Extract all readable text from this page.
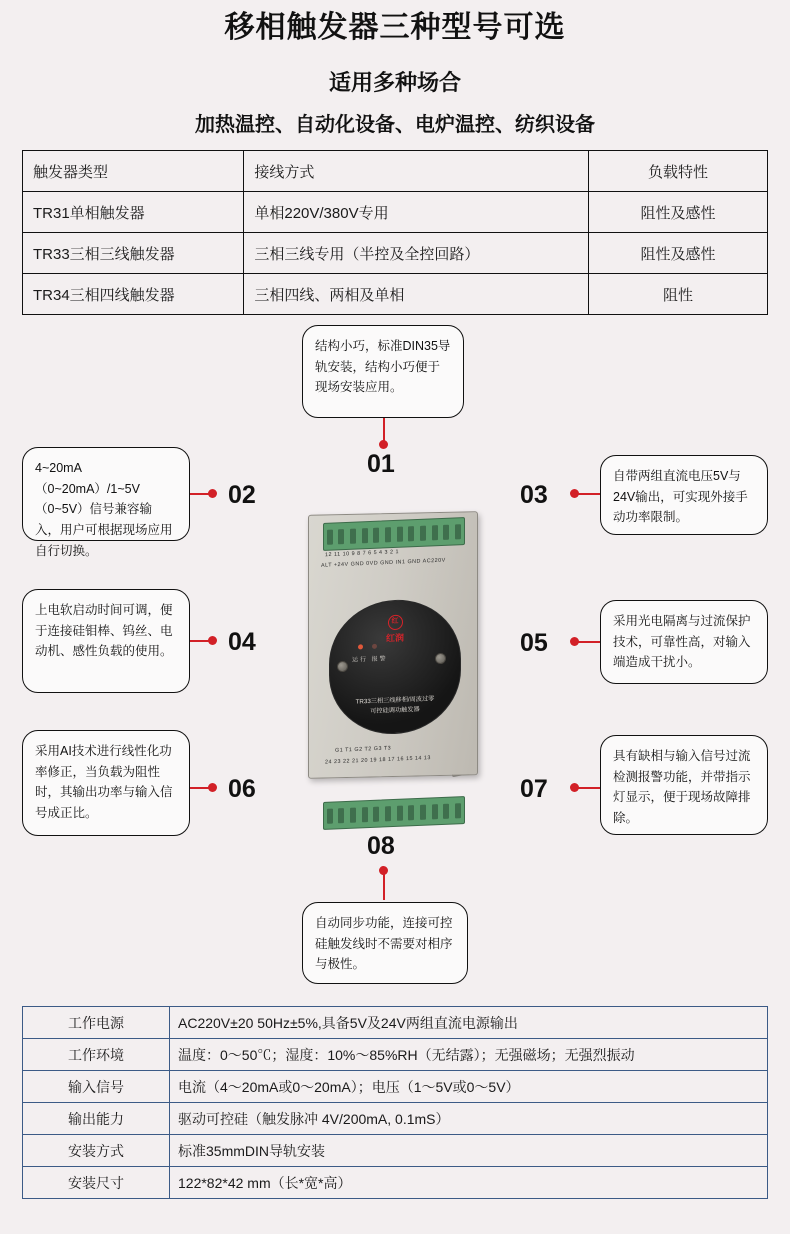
移相触发器三种型号可选
适用多种场合
加热温控、自动化设备、电炉温控、纺织设备
触发器类型	接线方式	负载特性
TR31单相触发器	单相220V/380V专用	阻性及感性
TR33三相三线触发器	三相三线专用（半控及全控回路）	阻性及感性
TR34三相四线触发器	三相四线、两相及单相	阻性
结构小巧，标准DIN35导轨安装，结构小巧便于现场安装应用。
01
4~20mA（0~20mA）/1~5V（0~5V）信号兼容输入，用户可根据现场应用自行切换。
02
自带两组直流电压5V与24V输出，可实现外接手动功率限制。
03
上电软启动时间可调，便于连接硅钼棒、钨丝、电动机、感性负载的使用。	04
采用光电隔离与过流保护技术，可靠性高，对输入端造成干扰小。
05
采用AI技术进行线性化功率修正，当负载为阻性时，其输出功率与输入信号成正比。
06
具有缺相与输入信号过流检测报警功能，并带指示灯显示，便于现场故障排除。
07
08
自动同步功能，连接可控硅触发线时不需要对相序与极性。
12 11 10 9 8 7 6 5 4 3 2 1
ALT +24V GND 0VD GND IN1 GND AC220V
红
红润
运行 报警
TR33三相三线移相/周波过零
可控硅调功触发器
G1 T1 G2 T2 G3 T3
24 23 22 21 20 19 18 17 16 15 14 13
工作电源	AC220V±20 50Hz±5%,具备5V及24V两组直流电源输出
工作环境	温度：0～50℃；湿度：10%～85%RH（无结露）；无强磁场；无强烈振动
输入信号	电流（4～20mA或0～20mA）；电压（1～5V或0～5V）
输出能力	驱动可控硅（触发脉冲 4V/200mA, 0.1mS）
安装方式	标准35mmDIN导轨安装
安装尺寸	122*82*42 mm（长*宽*高）
